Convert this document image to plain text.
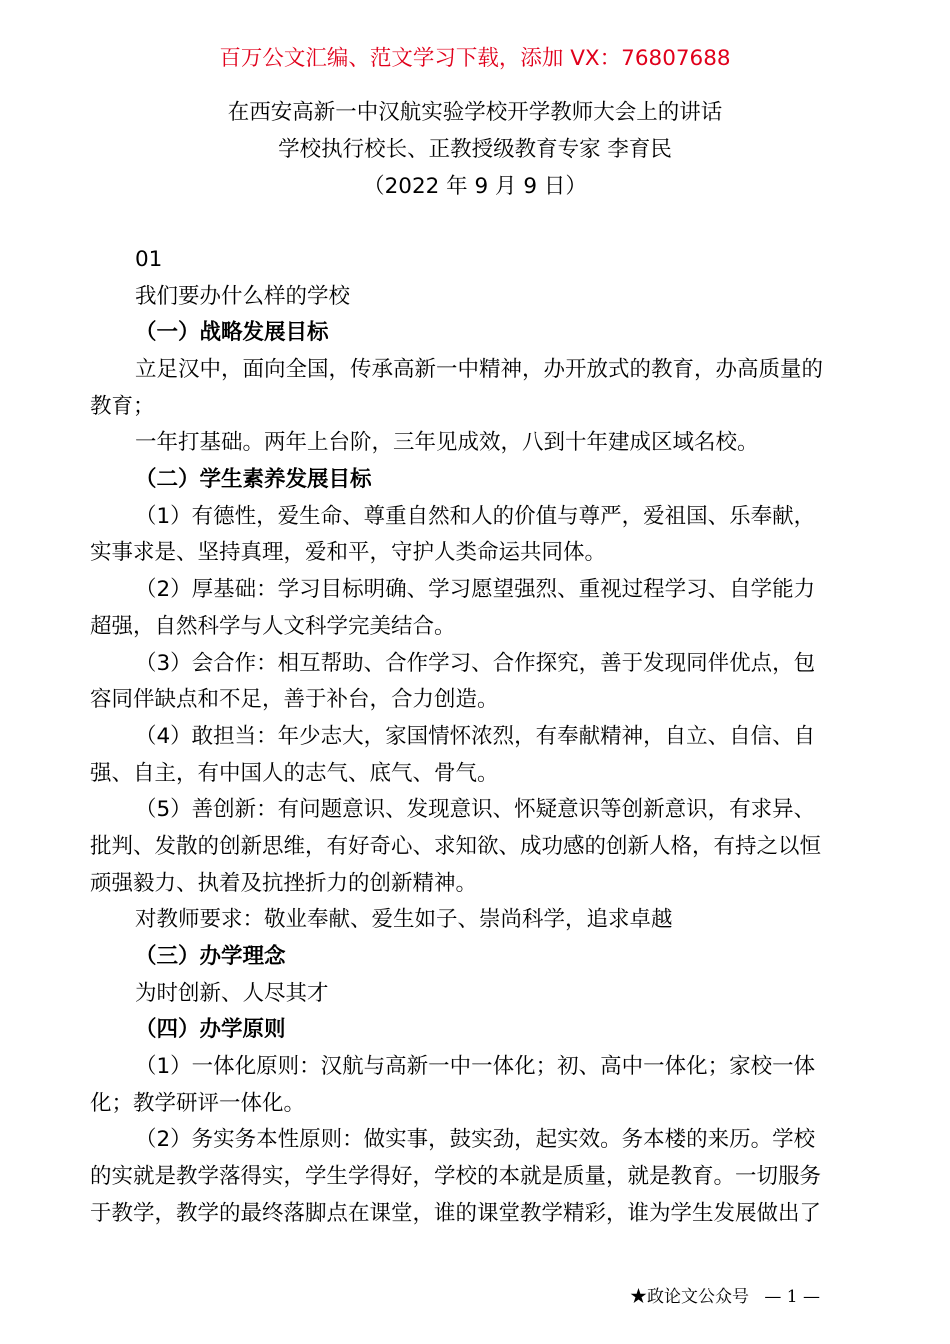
百万公文汇编、范文学习下载，添加 VX：76807688
在西安高新一中汉航实验学校开学教师大会上的讲话
学校执行校长、正教授级教育专家 李育民
（2022 年 9 月 9 日）
01
我们要办什么样的学校
（一）战略发展目标
立足汉中，面向全国，传承高新一中精神，办开放式的教育，办高质量的
教育；
一年打基础。两年上台阶，三年见成效，八到十年建成区域名校。
（二）学生素养发展目标
（1）有德性，爱生命、尊重自然和人的价值与尊严，爱祖国、乐奉献，
实事求是、坚持真理，爱和平，守护人类命运共同体。
（2）厚基础：学习目标明确、学习愿望强烈、重视过程学习、自学能力
超强，自然科学与人文科学完美结合。
（3）会合作：相互帮助、合作学习、合作探究，善于发现同伴优点，包
容同伴缺点和不足，善于补台，合力创造。
（4）敢担当：年少志大，家国情怀浓烈，有奉献精神，自立、自信、自
强、自主，有中国人的志气、底气、骨气。
（5）善创新：有问题意识、发现意识、怀疑意识等创新意识，有求异、
批判、发散的创新思维，有好奇心、求知欲、成功感的创新人格，有持之以恒
顽强毅力、执着及抗挫折力的创新精神。
对教师要求：敬业奉献、爱生如子、崇尚科学，追求卓越
（三）办学理念
为时创新、人尽其才
（四）办学原则
（1）一体化原则：汉航与高新一中一体化；初、高中一体化；家校一体
化；教学研评一体化。
（2）务实务本性原则：做实事，鼓实劲，起实效。务本楼的来历。学校
的实就是教学落得实，学生学得好，学校的本就是质量，就是教育。一切服务
于教学，教学的最终落脚点在课堂，谁的课堂教学精彩，谁为学生发展做出了
★政论文公众号 — 1 —
